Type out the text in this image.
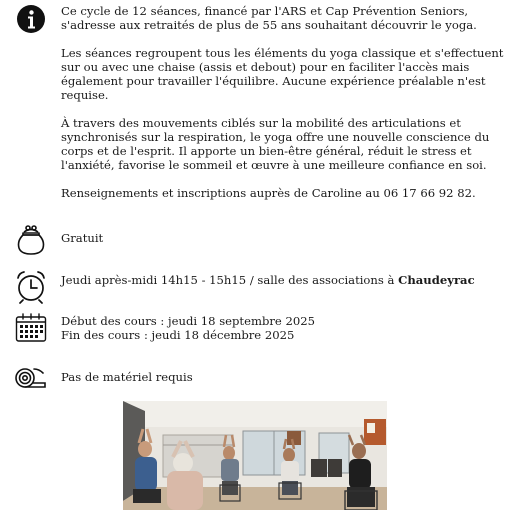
Ce cycle de 12 séances, financé par l'ARS et Cap Prévention Seniors,

s'adresse aux retraités de plus de 55 ans souhaitant découvrir le yoga.

Les séances regroupent tous les éléments du yoga classique et s'effectuent

sur ou avec une chaise (assis et debout) pour en faciliter l'accès mais

également pour travailler l'équilibre. Aucune expérience préalable n'est

requise.

À travers des mouvements ciblés sur la mobilité des articulations et

synchronisés sur la respiration, le yoga offre une nouvelle conscience du

corps et de l'esprit. Il apporte un bien-être général, réduit le stress et

l'anxiété, favorise le sommeil et œuvre à une meilleure confiance en soi.

Renseignements et inscriptions auprès de Caroline au 06 17 66 92 82.

Gratuit

Jeudi après-midi 14h15 - 15h15 / salle des associations à Chaudeyrac

Début des cours : jeudi 18 septembre 2025

Fin des cours : jeudi 18 décembre 2025

Pas de matériel requis
